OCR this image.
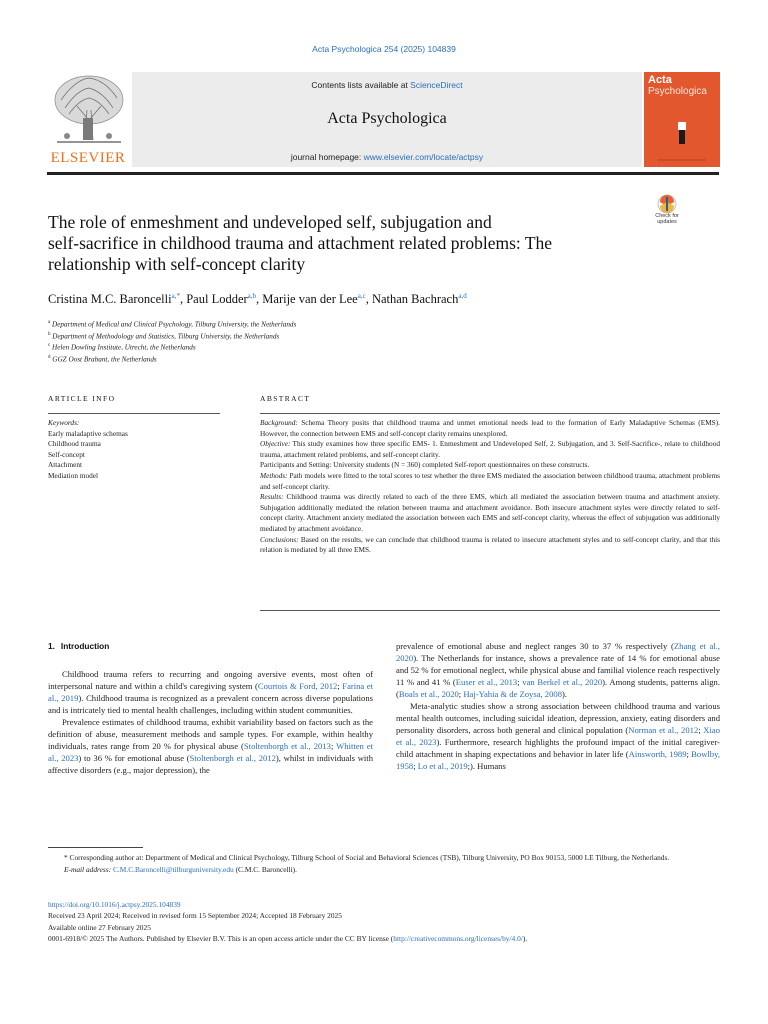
Acta Psychologica 254 (2025) 104839
ELSEVIER
Contents lists available at ScienceDirect
Acta Psychologica
journal homepage: www.elsevier.com/locate/actpsy
Acta
Psychologica
Check for
updates
The role of enmeshment and undeveloped self, subjugation and
self-sacrifice in childhood trauma and attachment related problems: The
relationship with self-concept clarity
Cristina M.C. Baroncelli$^{a,*}$, Paul Lodder$^{a,b}$, Marije van der Lee$^{a,c}$, Nathan Bachrach$^{a,d}$
$^a$ Department of Medical and Clinical Psychology, Tilburg University, the Netherlands
$^b$ Department of Methodology and Statistics, Tilburg University, the Netherlands
$^c$ Helen Dowling Institute, Utrecht, the Netherlands
$^d$ GGZ Oost Brabant, the Netherlands
ARTICLE INFO	ABSTRACT
Keywords:
Early maladaptive schemas
Childhood trauma
Self-concept
Attachment
Mediation model
Background: Schema Theory posits that childhood trauma and unmet emotional needs lead to the formation of Early Maladaptive Schemas (EMS). However, the connection between EMS and self-concept clarity remains unexplored.
Objective: This study examines how three specific EMS- 1. Enmeshment and Undeveloped Self, 2. Subjugation, and 3. Self-Sacrifice-, relate to childhood trauma, attachment related problems, and self-concept clarity.
Participants and Setting: University students (N = 360) completed Self-report questionnaires on these constructs.
Methods: Path models were fitted to the total scores to test whether the three EMS mediated the association between childhood trauma, attachment problems and self-concept clarity.
Results: Childhood trauma was directly related to each of the three EMS, which all mediated the association between trauma and attachment anxiety. Subjugation additionally mediated the relation between trauma and attachment avoidance. Both insecure attachment styles were directly related to self-concept clarity. Attachment anxiety mediated the association between each EMS and self-concept clarity, whereas the effect of subjugation was additionally mediated by attachment avoidance.
Conclusions: Based on the results, we can conclude that childhood trauma is related to insecure attachment styles and to self-concept clarity, and that this relation is mediated by all three EMS.
1. Introduction

Childhood trauma refers to recurring and ongoing aversive events, most often of interpersonal nature and within a child's caregiving system (Courtois & Ford, 2012; Farina et al., 2019). Childhood trauma is recognized as a prevalent concern across diverse populations and is intricately tied to mental health challenges, including within student communities.

Prevalence estimates of childhood trauma, exhibit variability based on factors such as the definition of abuse, measurement methods and sample types. For example, within healthy individuals, rates range from 20 % for physical abuse (Stoltenborgh et al., 2013; Whitten et al., 2023) to 36 % for emotional abuse (Stoltenborgh et al., 2012), whilst in individuals with affective disorders (e.g., major depression), the

prevalence of emotional abuse and neglect ranges 30 to 37 % respectively (Zhang et al., 2020). The Netherlands for instance, shows a prevalence rate of 14 % for emotional abuse and 52 % for emotional neglect, while physical abuse and familial violence reach respectively 11 % and 41 % (Euser et al., 2013; van Berkel et al., 2020). Among students, patterns align. (Boals et al., 2020; Haj-Yahia & de Zoysa, 2008).

Meta-analytic studies show a strong association between childhood trauma and various mental health outcomes, including suicidal ideation, depression, anxiety, eating disorders and personality disorders, across both general and clinical population (Norman et al., 2012; Xiao et al., 2023). Furthermore, research highlights the profound impact of the initial caregiver-child attachment in shaping expectations and behavior in later life (Ainsworth, 1989; Bowlby, 1958; Lo et al., 2019;). Humans

* Corresponding author at: Department of Medical and Clinical Psychology, Tilburg School of Social and Behavioral Sciences (TSB), Tilburg University, PO Box 90153, 5000 LE Tilburg, the Netherlands.
E-mail address: C.M.C.Baroncelli@tilburguniversity.edu (C.M.C. Baroncelli).
https://doi.org/10.1016/j.actpsy.2025.104839
Received 23 April 2024; Received in revised form 15 September 2024; Accepted 18 February 2025
Available online 27 February 2025
0001-6918/© 2025 The Authors. Published by Elsevier B.V. This is an open access article under the CC BY license (http://creativecommons.org/licenses/by/4.0/).
